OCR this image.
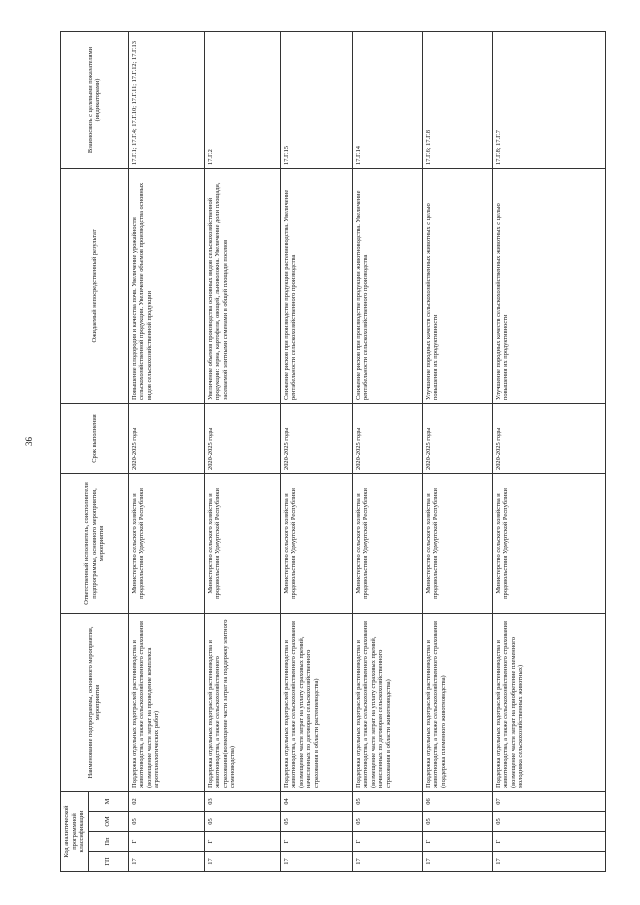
36
Код аналитической программной классификации				Наименование подпрограммы, основного мероприятия, мероприятия	Ответственный исполнитель, соисполнители подпрограммы, основного мероприятия, мероприятия	Срок выполнения	Ожидаемый непосредственный результат	Взаимосвязь с целевыми показателями (индикаторами)
ГП	Пп	ОМ	М					
17	Г	05	02	Поддержка отдельных подотраслей растениеводства и животноводства, а также сельскохозяйственного страхования (возмещение части затрат на проведение комплекса агротехнологических работ)	Министерство сельского хозяйства и продовольствия Удмуртской Республики	2020-2025 годы	Повышение плодородия и качества почв. Увеличение урожайности сельскохозяйственной продукции. Увеличение объемов производства основных видов сельскохозяйственной продукции	17.Г.1; 17.Г.4; 17.Г.10; 17.Г.11; 17.Г.12; 17.Г.13
17	Г	05	03	Поддержка отдельных подотраслей растениеводства и животноводства, а также сельскохозяйственного страхования(возмещение части затрат на поддержку элитного семеноводства)	Министерство сельского хозяйства и продовольствия Удмуртской Республики	2020-2025 годы	Увеличение объемов производства основных видов сельскохозяйственной продукции: зерна, картофеля, овощей, льноволокна. Увеличение доли площади, засеваемой элитными семенами в общей площади посевов	17.Г.2
17	Г	05	04	Поддержка отдельных подотраслей растениеводства и животноводства, а также сельскохозяйственного страхования (возмещение части затрат на уплату страховых премий, начисленных по договорам сельскохозяйственного страхования в области растениеводства)	Министерство сельского хозяйства и продовольствия Удмуртской Республики	2020-2025 годы	Снижение рисков при производстве продукции растениеводства. Увеличение рентабельности сельскохозяйственного производства	17.Г.15
17	Г	05	05	Поддержка отдельных подотраслей растениеводства и животноводства, а также сельскохозяйственного страхования (возмещение части затрат на уплату страховых премий, начисленных по договорам сельскохозяйственного страхования в области животноводства)	Министерство сельского хозяйства и продовольствия Удмуртской Республики	2020-2025 годы	Снижение рисков при производстве продукции животноводства. Увеличение рентабельности сельскохозяйственного производства	17.Г.14
17	Г	05	06	Поддержка отдельных подотраслей растениеводства и животноводства, а также сельскохозяйственного страхования (поддержка племенного животноводства)	Министерство сельского хозяйства и продовольствия Удмуртской Республики	2020-2025 годы	Улучшение породных качеств сельскохозяйственных животных с целью повышения их продуктивности	17.Г.6; 17.Г.8
17	Г	05	07	Поддержка отдельных подотраслей растениеводства и животноводства, а также сельскохозяйственного страхования (возмещение части затрат на приобретение племенного молодняка сельскохозяйственных животных)	Министерство сельского хозяйства и продовольствия Удмуртской Республики	2020-2025 годы	Улучшение породных качеств сельскохозяйственных животных с целью повышения их продуктивности	17.Г.8; 17.Г.7
